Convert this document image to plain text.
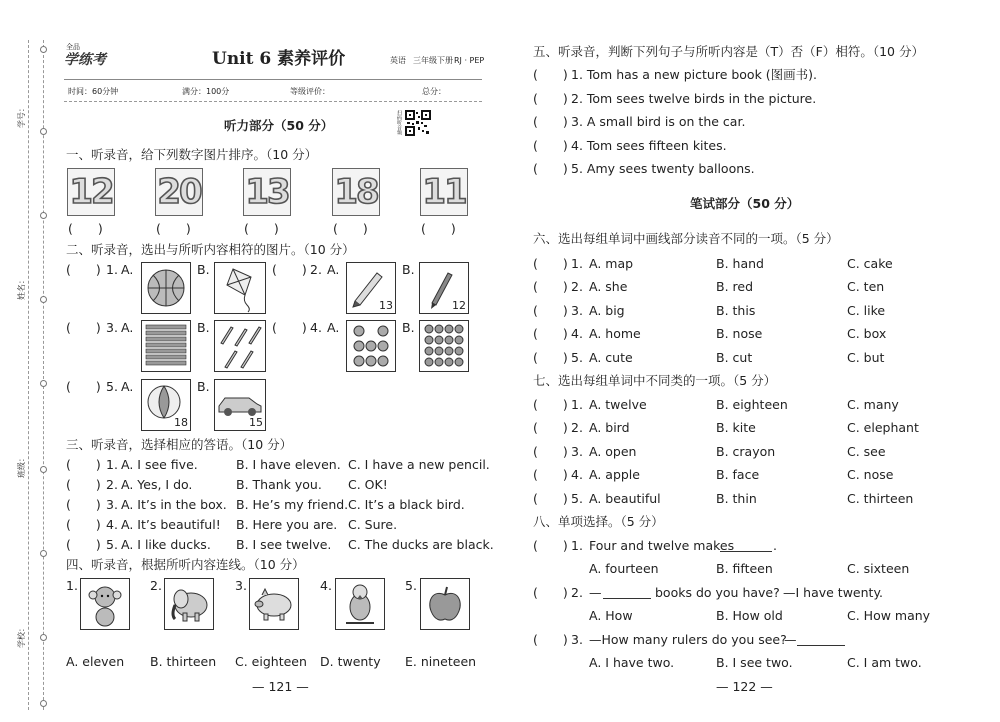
学号：
姓名：
班级：
学校：
全品
学练考	Unit 6 素养评价	英语 三年级下册 RJ · PEP
时间：60分钟	满分：100分	等级评价：	总分：
扫码听音频
听力部分（50 分）
一、听录音，给下列数字图片排序。（10 分）
12 20 13 18 11
(　　)	(　　)	(　　)	(　　)	(　　)
二、听录音，选出与所听内容相符的图片。（10 分）
(　　) 1. A.	B.	(　　) 2. A.
13
B.
12
(　　) 3. A.	B.	(　　) 4. A.	B.
(　　) 5. A.
18
B.
15
三、听录音，选择相应的答语。（10 分）
(　　) 1. A. I see five.	B. I have eleven. C. I have a new pencil.
(　　) 2. A. Yes, I do.	B. Thank you. C. OK!
(　　) 3. A. It’s in the box. B. He’s my friend. C. It’s a black bird.
(　　) 4. A. It’s beautiful! B. Here you are. C. Sure.
(　　) 5. A. I like ducks. B. I see twelve. C. The ducks are black.
四、听录音，根据所听内容连线。（10 分）
1.	2.	3.	4.	5.
A. eleven B. thirteen C. eighteen D. twenty E. nineteen
— 121 —
五、听录音，判断下列句子与所听内容是（T）否（F）相符。（10 分）
(　　) 1. Tom has a new picture book (图画书).
(　　) 2. Tom sees twelve birds in the picture.
(　　) 3. A small bird is on the car.
(　　) 4. Tom sees fifteen kites.
(　　) 5. Amy sees twenty balloons.
笔试部分（50 分）
六、选出每组单词中画线部分读音不同的一项。（5 分）
(　　) 1. A. map	B. hand	C. cake
(　　) 2. A. she	B. red	C. ten
(　　) 3. A. big	B. this	C. like
(　　) 4. A. home	B. nose	C. box
(　　) 5. A. cute	B. cut	C. but
七、选出每组单词中不同类的一项。（5 分）
(　　) 1. A. twelve	B. eighteen	C. many
(　　) 2. A. bird	B. kite	C. elephant
(　　) 3. A. open	B. crayon	C. see
(　　) 4. A. apple	B. face	C. nose
(　　) 5. A. beautiful	B. thin	C. thirteen
八、单项选择。（5 分）
(　　) 1. Four and twelve makes	.
A. fourteen	B. fifteen	C. sixteen
(　　) 2. —	books do you have? —I have twenty.
A. How	B. How old	C. How many
(　　) 3. —How many rulers do you see?
—
A. I have two.	B. I see two.	C. I am two.
— 122 —
